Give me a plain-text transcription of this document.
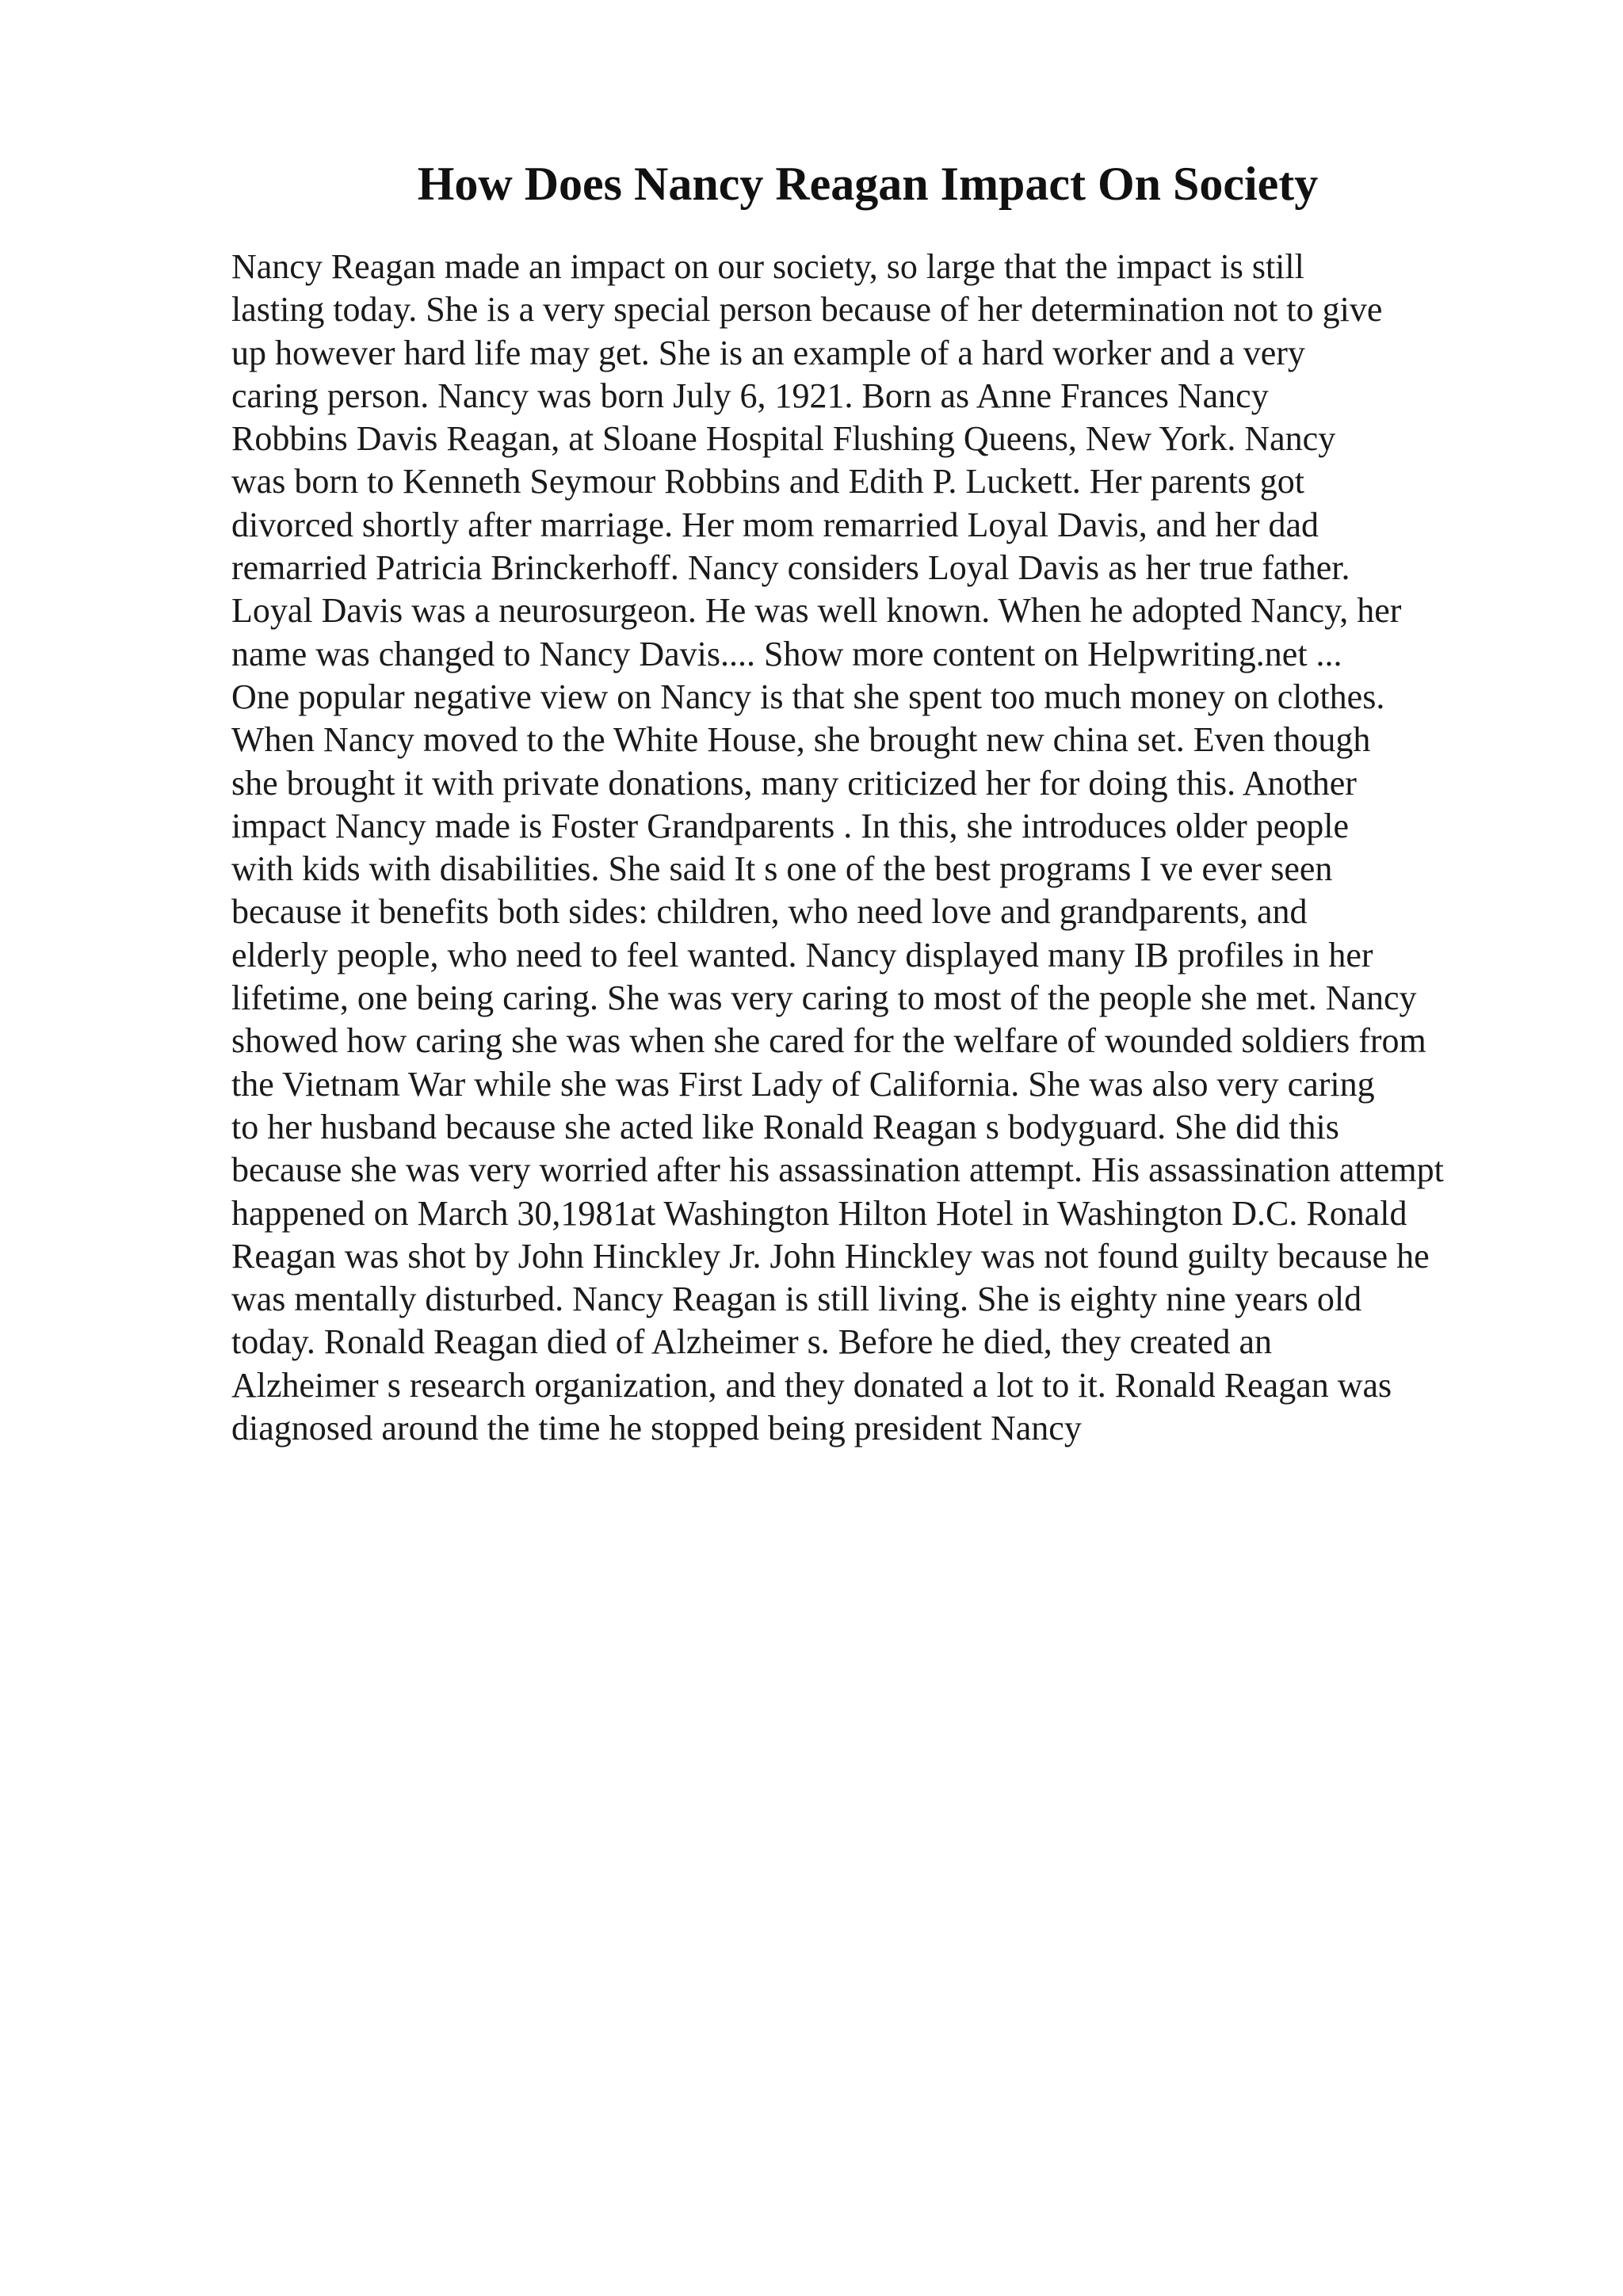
How Does Nancy Reagan Impact On Society
Nancy Reagan made an impact on our society, so large that the impact is still
lasting today. She is a very special person because of her determination not to give
up however hard life may get. She is an example of a hard worker and a very
caring person. Nancy was born July 6, 1921. Born as Anne Frances Nancy
Robbins Davis Reagan, at Sloane Hospital Flushing Queens, New York. Nancy
was born to Kenneth Seymour Robbins and Edith P. Luckett. Her parents got
divorced shortly after marriage. Her mom remarried Loyal Davis, and her dad
remarried Patricia Brinckerhoff. Nancy considers Loyal Davis as her true father.
Loyal Davis was a neurosurgeon. He was well known. When he adopted Nancy, her
name was changed to Nancy Davis.... Show more content on Helpwriting.net ...
One popular negative view on Nancy is that she spent too much money on clothes.
When Nancy moved to the White House, she brought new china set. Even though
she brought it with private donations, many criticized her for doing this. Another
impact Nancy made is Foster Grandparents . In this, she introduces older people
with kids with disabilities. She said It s one of the best programs I ve ever seen
because it benefits both sides: children, who need love and grandparents, and
elderly people, who need to feel wanted. Nancy displayed many IB profiles in her
lifetime, one being caring. She was very caring to most of the people she met. Nancy
showed how caring she was when she cared for the welfare of wounded soldiers from
the Vietnam War while she was First Lady of California. She was also very caring
to her husband because she acted like Ronald Reagan s bodyguard. She did this
because she was very worried after his assassination attempt. His assassination attempt
happened on March 30,1981at Washington Hilton Hotel in Washington D.C. Ronald
Reagan was shot by John Hinckley Jr. John Hinckley was not found guilty because he
was mentally disturbed. Nancy Reagan is still living. She is eighty nine years old
today. Ronald Reagan died of Alzheimer s. Before he died, they created an
Alzheimer s research organization, and they donated a lot to it. Ronald Reagan was
diagnosed around the time he stopped being president Nancy
